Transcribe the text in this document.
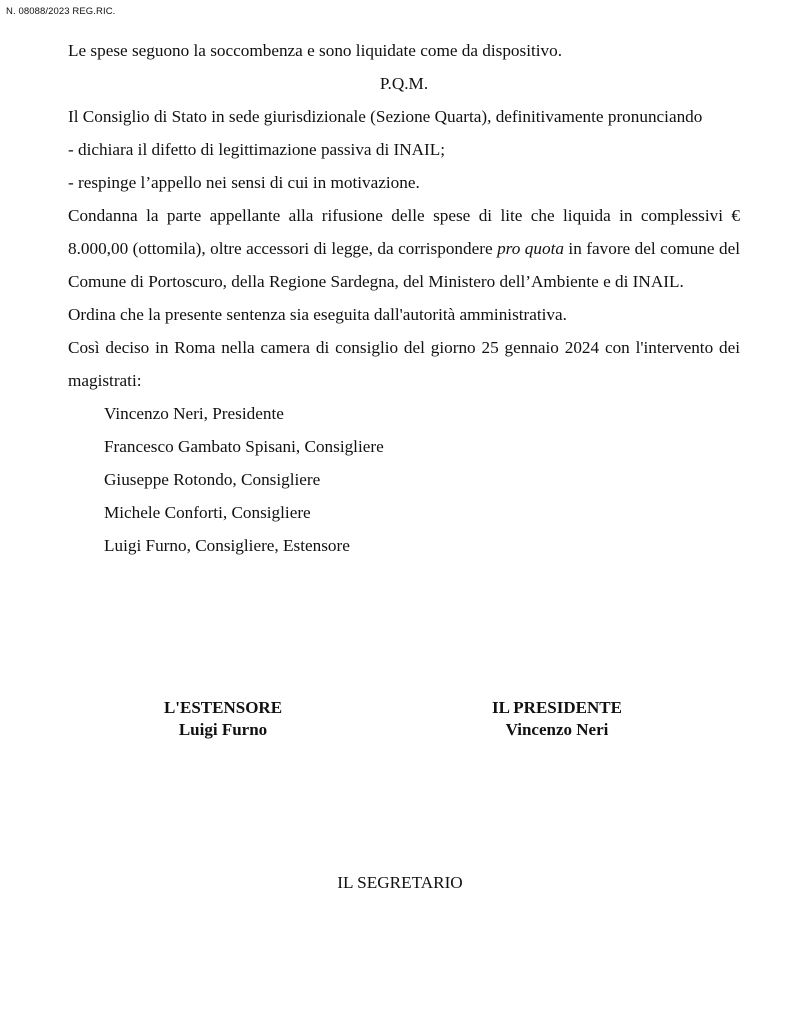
N. 08088/2023 REG.RIC.

Le spese seguono la soccombenza e sono liquidate come da dispositivo.

P.Q.M.

Il Consiglio di Stato in sede giurisdizionale (Sezione Quarta), definitivamente pronunciando

- dichiara il difetto di legittimazione passiva di INAIL;

- respinge l’appello nei sensi di cui in motivazione.

Condanna la parte appellante alla rifusione delle spese di lite che liquida in complessivi € 8.000,00 (ottomila), oltre accessori di legge, da corrispondere pro quota in favore del comune del Comune di Portoscuro, della Regione Sardegna, del Ministero dell’Ambiente e di INAIL.

Ordina che la presente sentenza sia eseguita dall'autorità amministrativa.

Così deciso in Roma nella camera di consiglio del giorno 25 gennaio 2024 con l'intervento dei magistrati:

Vincenzo Neri, Presidente

Francesco Gambato Spisani, Consigliere

Giuseppe Rotondo, Consigliere

Michele Conforti, Consigliere

Luigi Furno, Consigliere, Estensore

L'ESTENSORE
Luigi Furno
IL PRESIDENTE
Vincenzo Neri
IL SEGRETARIO
